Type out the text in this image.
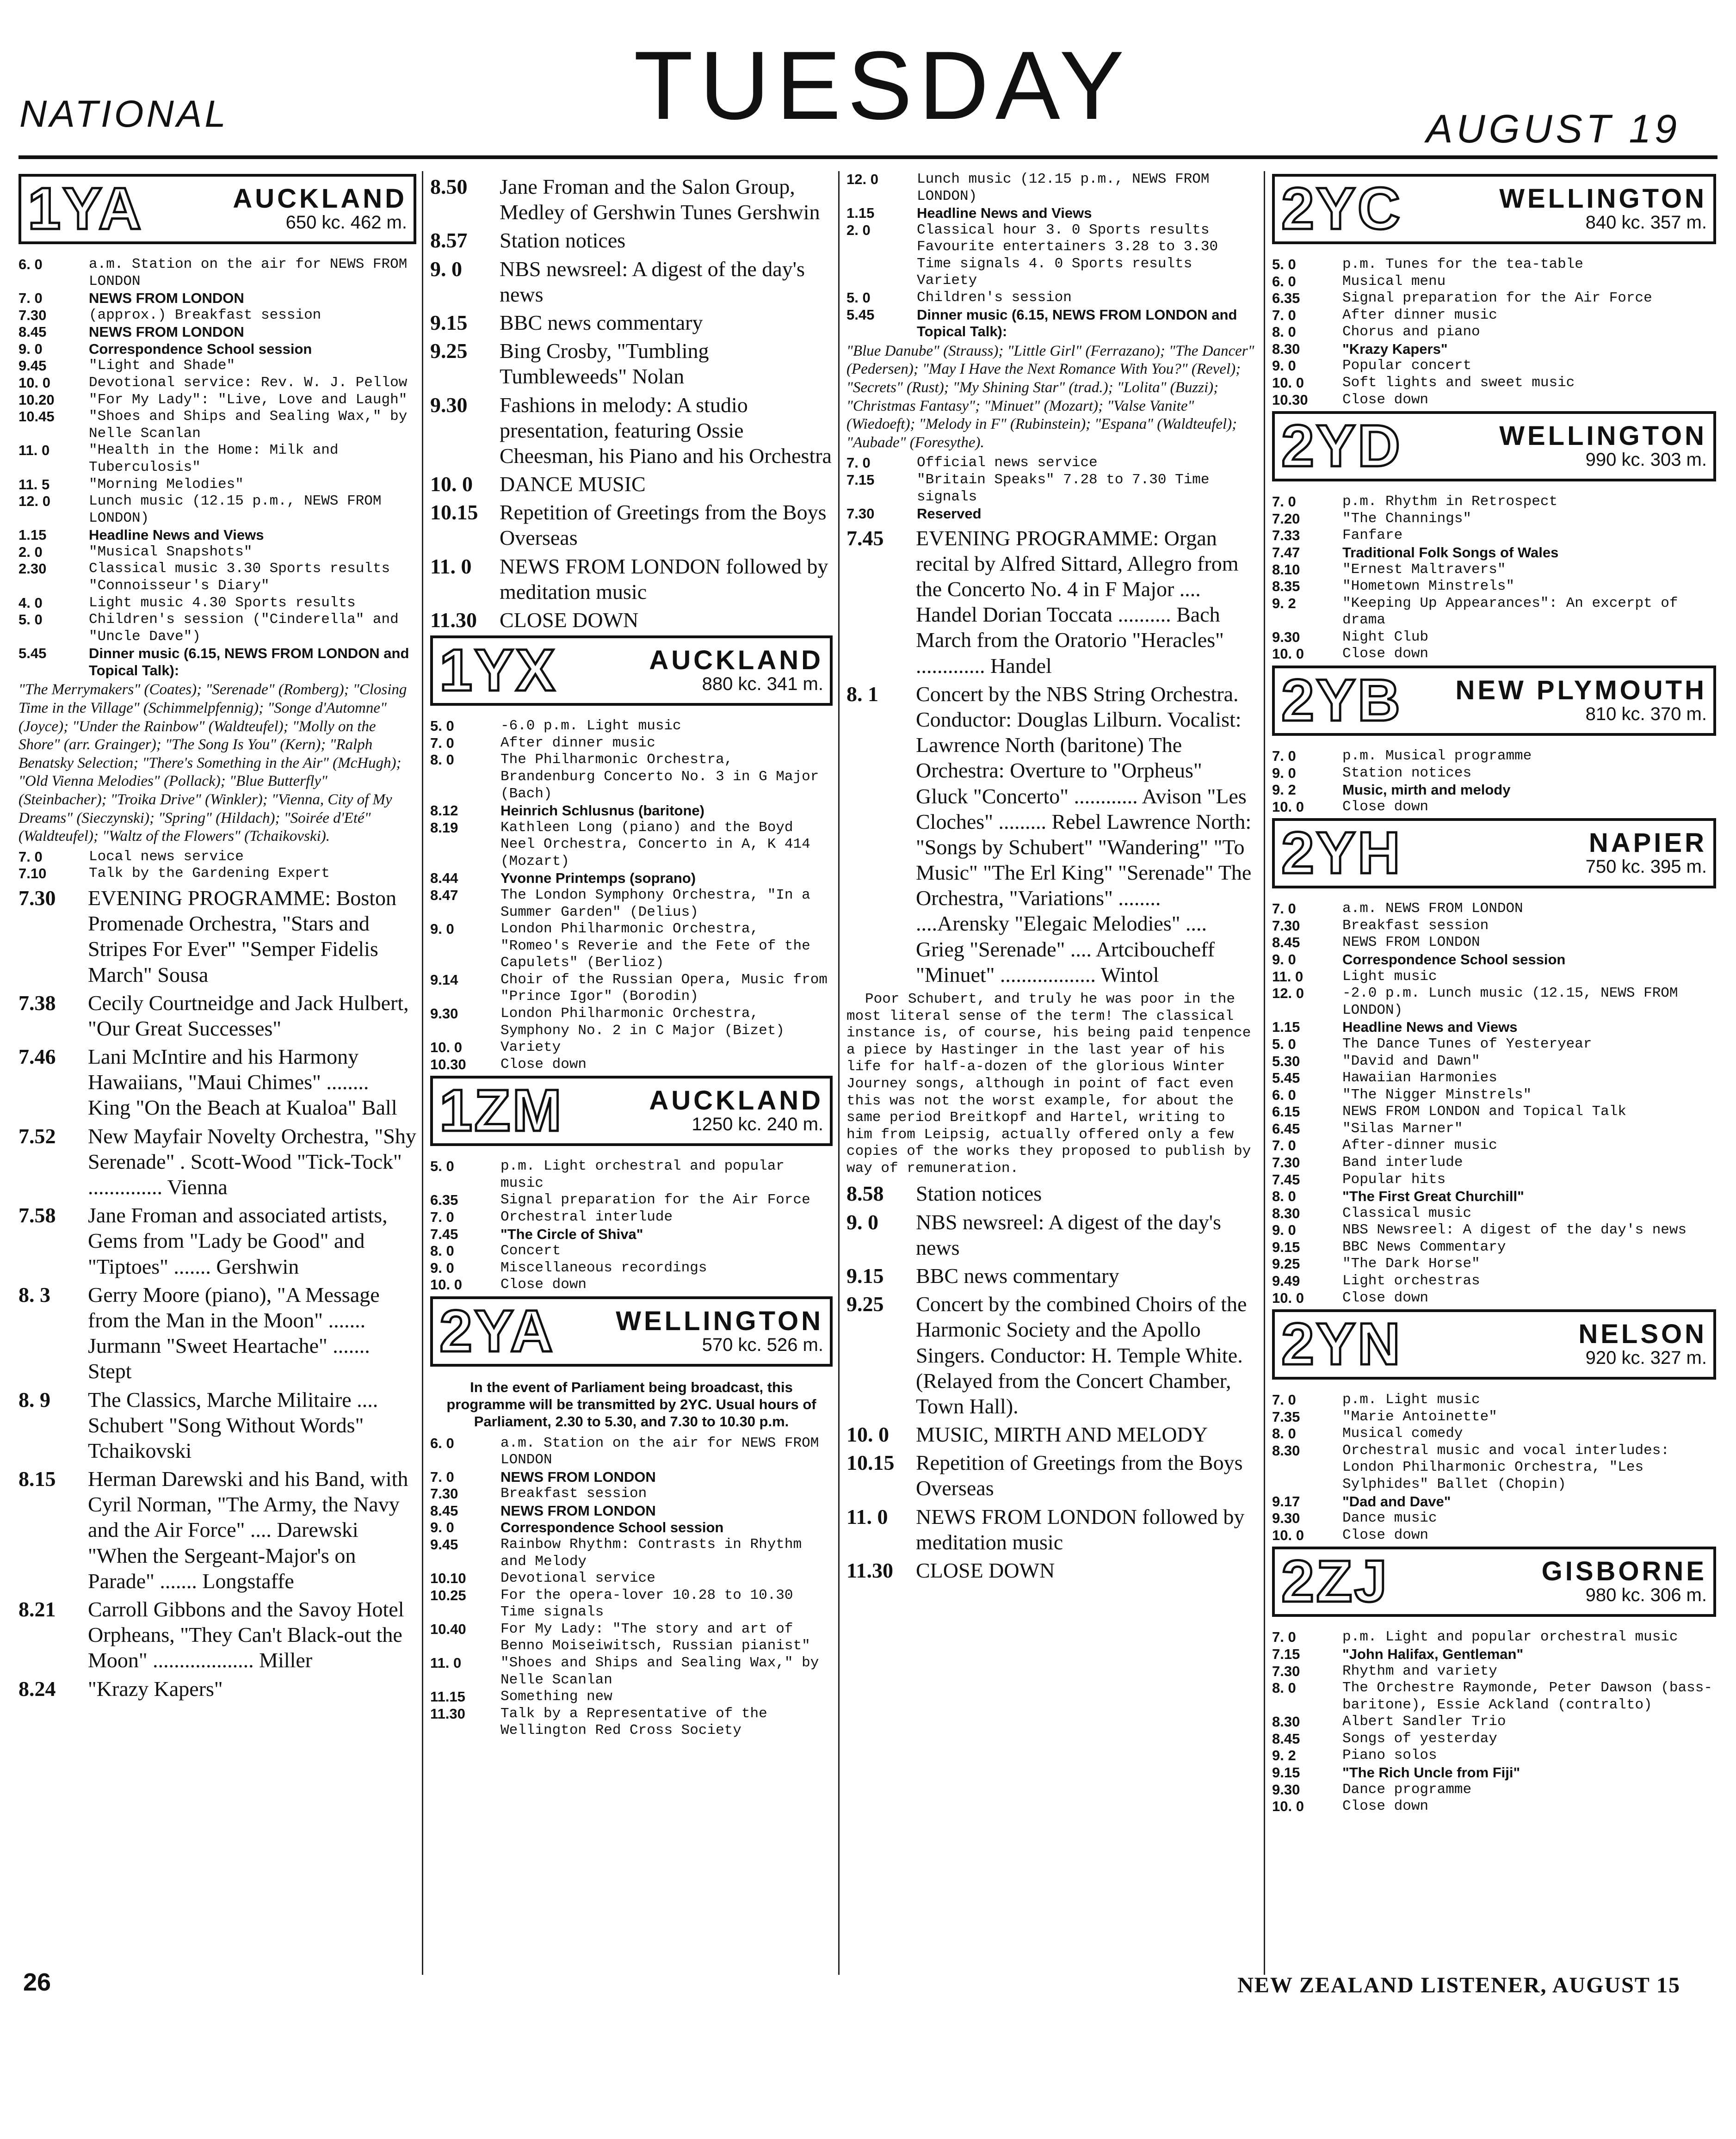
NATIONAL	TUESDAY	AUGUST 19
1YA	AUCKLAND
650 kc. 462 m.
6. 0	a.m. Station on the air for NEWS FROM LONDON
7. 0	NEWS FROM LONDON
7.30	(approx.) Breakfast session
8.45	NEWS FROM LONDON
9. 0	Correspondence School session
9.45	"Light and Shade"
10. 0	Devotional service: Rev. W. J. Pellow
10.20	"For My Lady": "Live, Love and Laugh"
10.45	"Shoes and Ships and Sealing Wax," by Nelle Scanlan
11. 0	"Health in the Home: Milk and Tuberculosis"
11. 5	"Morning Melodies"
12. 0	Lunch music (12.15 p.m., NEWS FROM LONDON)
1.15	Headline News and Views
2. 0	"Musical Snapshots"
2.30	Classical music 3.30 Sports results "Connoisseur's Diary"
4. 0	Light music 4.30 Sports results
5. 0	Children's session ("Cinderella" and "Uncle Dave")
5.45	Dinner music (6.15, NEWS FROM LONDON and Topical Talk):
"The Merrymakers" (Coates); "Serenade" (Romberg); "Closing Time in the Village" (Schimmelpfennig); "Songe d'Automne" (Joyce); "Under the Rainbow" (Waldteufel); "Molly on the Shore" (arr. Grainger); "The Song Is You" (Kern); "Ralph Benatsky Selection; "There's Something in the Air" (McHugh); "Old Vienna Melodies" (Pollack); "Blue Butterfly" (Steinbacher); "Troika Drive" (Winkler); "Vienna, City of My Dreams" (Sieczynski); "Spring" (Hildach); "Soirée d'Eté" (Waldteufel); "Waltz of the Flowers" (Tchaikovski).
7. 0	Local news service
7.10	Talk by the Gardening Expert
7.30	EVENING PROGRAMME: Boston Promenade Orchestra, "Stars and Stripes For Ever" "Semper Fidelis March" Sousa
7.38	Cecily Courtneidge and Jack Hulbert, "Our Great Successes"
7.46	Lani McIntire and his Harmony Hawaiians, "Maui Chimes" ........ King "On the Beach at Kualoa" Ball
7.52	New Mayfair Novelty Orchestra, "Shy Serenade" . Scott-Wood "Tick-Tock" .............. Vienna
7.58	Jane Froman and associated artists, Gems from "Lady be Good" and "Tiptoes" ....... Gershwin
8. 3	Gerry Moore (piano), "A Message from the Man in the Moon" ....... Jurmann "Sweet Heartache" ....... Stept
8. 9	The Classics, Marche Militaire .... Schubert "Song Without Words" Tchaikovski
8.15	Herman Darewski and his Band, with Cyril Norman, "The Army, the Navy and the Air Force" .... Darewski "When the Sergeant-Major's on Parade" ....... Longstaffe
8.21	Carroll Gibbons and the Savoy Hotel Orpheans, "They Can't Black-out the Moon" ................... Miller
8.24	"Krazy Kapers"
8.50	Jane Froman and the Salon Group, Medley of Gershwin Tunes Gershwin
8.57	Station notices
9. 0	NBS newsreel: A digest of the day's news
9.15	BBC news commentary
9.25	Bing Crosby, "Tumbling Tumbleweeds" Nolan
9.30	Fashions in melody: A studio presentation, featuring Ossie Cheesman, his Piano and his Orchestra
10. 0	DANCE MUSIC
10.15	Repetition of Greetings from the Boys Overseas
11. 0	NEWS FROM LONDON followed by meditation music
11.30	CLOSE DOWN
1YX	AUCKLAND
880 kc. 341 m.
5. 0	-6.0 p.m. Light music
7. 0	After dinner music
8. 0	The Philharmonic Orchestra, Brandenburg Concerto No. 3 in G Major (Bach)
8.12	Heinrich Schlusnus (baritone)
8.19	Kathleen Long (piano) and the Boyd Neel Orchestra, Concerto in A, K 414 (Mozart)
8.44	Yvonne Printemps (soprano)
8.47	The London Symphony Orchestra, "In a Summer Garden" (Delius)
9. 0	London Philharmonic Orchestra, "Romeo's Reverie and the Fete of the Capulets" (Berlioz)
9.14	Choir of the Russian Opera, Music from "Prince Igor" (Borodin)
9.30	London Philharmonic Orchestra, Symphony No. 2 in C Major (Bizet)
10. 0	Variety
10.30	Close down
1ZM	AUCKLAND
1250 kc. 240 m.
5. 0	p.m. Light orchestral and popular music
6.35	Signal preparation for the Air Force
7. 0	Orchestral interlude
7.45	"The Circle of Shiva"
8. 0	Concert
9. 0	Miscellaneous recordings
10. 0	Close down
2YA	WELLINGTON
570 kc. 526 m.
In the event of Parliament being broadcast, this programme will be transmitted by 2YC. Usual hours of Parliament, 2.30 to 5.30, and 7.30 to 10.30 p.m.
6. 0	a.m. Station on the air for NEWS FROM LONDON
7. 0	NEWS FROM LONDON
7.30	Breakfast session
8.45	NEWS FROM LONDON
9. 0	Correspondence School session
9.45	Rainbow Rhythm: Contrasts in Rhythm and Melody
10.10	Devotional service
10.25	For the opera-lover 10.28 to 10.30 Time signals
10.40	For My Lady: "The story and art of Benno Moiseiwitsch, Russian pianist"
11. 0	"Shoes and Ships and Sealing Wax," by Nelle Scanlan
11.15	Something new
11.30	Talk by a Representative of the Wellington Red Cross Society
12. 0	Lunch music (12.15 p.m., NEWS FROM LONDON)
1.15	Headline News and Views
2. 0	Classical hour 3. 0 Sports results Favourite entertainers 3.28 to 3.30 Time signals 4. 0 Sports results Variety
5. 0	Children's session
5.45	Dinner music (6.15, NEWS FROM LONDON and Topical Talk):
"Blue Danube" (Strauss); "Little Girl" (Ferrazano); "The Dancer" (Pedersen); "May I Have the Next Romance With You?" (Revel); "Secrets" (Rust); "My Shining Star" (trad.); "Lolita" (Buzzi); "Christmas Fantasy"; "Minuet" (Mozart); "Valse Vanite" (Wiedoeft); "Melody in F" (Rubinstein); "Espana" (Waldteufel); "Aubade" (Foresythe).
7. 0	Official news service
7.15	"Britain Speaks" 7.28 to 7.30 Time signals
7.30	Reserved
7.45	EVENING PROGRAMME: Organ recital by Alfred Sittard, Allegro from the Concerto No. 4 in F Major .... Handel Dorian Toccata .......... Bach March from the Oratorio "Heracles" ............. Handel
8. 1	Concert by the NBS String Orchestra. Conductor: Douglas Lilburn. Vocalist: Lawrence North (baritone) The Orchestra: Overture to "Orpheus" Gluck "Concerto" ............ Avison "Les Cloches" ......... Rebel Lawrence North: "Songs by Schubert" "Wandering" "To Music" "The Erl King" "Serenade" The Orchestra, "Variations" ........ ....Arensky "Elegaic Melodies" .... Grieg "Serenade" .... Artciboucheff "Minuet" .................. Wintol
Poor Schubert, and truly he was poor in the most literal sense of the term! The classical instance is, of course, his being paid tenpence a piece by Hastinger in the last year of his life for half-a-dozen of the glorious Winter Journey songs, although in point of fact even this was not the worst example, for about the same period Breitkopf and Hartel, writing to him from Leipsig, actually offered only a few copies of the works they proposed to publish by way of remuneration.
8.58	Station notices
9. 0	NBS newsreel: A digest of the day's news
9.15	BBC news commentary
9.25	Concert by the combined Choirs of the Harmonic Society and the Apollo Singers. Conductor: H. Temple White. (Relayed from the Concert Chamber, Town Hall).
10. 0	MUSIC, MIRTH AND MELODY
10.15	Repetition of Greetings from the Boys Overseas
11. 0	NEWS FROM LONDON followed by meditation music
11.30	CLOSE DOWN
2YC	WELLINGTON
840 kc. 357 m.
5. 0	p.m. Tunes for the tea-table
6. 0	Musical menu
6.35	Signal preparation for the Air Force
7. 0	After dinner music
8. 0	Chorus and piano
8.30	"Krazy Kapers"
9. 0	Popular concert
10. 0	Soft lights and sweet music
10.30	Close down
2YD	WELLINGTON
990 kc. 303 m.
7. 0	p.m. Rhythm in Retrospect
7.20	"The Channings"
7.33	Fanfare
7.47	Traditional Folk Songs of Wales
8.10	"Ernest Maltravers"
8.35	"Hometown Minstrels"
9. 2	"Keeping Up Appearances": An excerpt of drama
9.30	Night Club
10. 0	Close down
2YB	NEW PLYMOUTH
810 kc. 370 m.
7. 0	p.m. Musical programme
9. 0	Station notices
9. 2	Music, mirth and melody
10. 0	Close down
2YH	NAPIER
750 kc. 395 m.
7. 0	a.m. NEWS FROM LONDON
7.30	Breakfast session
8.45	NEWS FROM LONDON
9. 0	Correspondence School session
11. 0	Light music
12. 0	-2.0 p.m. Lunch music (12.15, NEWS FROM LONDON)
1.15	Headline News and Views
5. 0	The Dance Tunes of Yesteryear
5.30	"David and Dawn"
5.45	Hawaiian Harmonies
6. 0	"The Nigger Minstrels"
6.15	NEWS FROM LONDON and Topical Talk
6.45	"Silas Marner"
7. 0	After-dinner music
7.30	Band interlude
7.45	Popular hits
8. 0	"The First Great Churchill"
8.30	Classical music
9. 0	NBS Newsreel: A digest of the day's news
9.15	BBC News Commentary
9.25	"The Dark Horse"
9.49	Light orchestras
10. 0	Close down
2YN	NELSON
920 kc. 327 m.
7. 0	p.m. Light music
7.35	"Marie Antoinette"
8. 0	Musical comedy
8.30	Orchestral music and vocal interludes: London Philharmonic Orchestra, "Les Sylphides" Ballet (Chopin)
9.17	"Dad and Dave"
9.30	Dance music
10. 0	Close down
2ZJ	GISBORNE
980 kc. 306 m.
7. 0	p.m. Light and popular orchestral music
7.15	"John Halifax, Gentleman"
7.30	Rhythm and variety
8. 0	The Orchestre Raymonde, Peter Dawson (bass-baritone), Essie Ackland (contralto)
8.30	Albert Sandler Trio
8.45	Songs of yesterday
9. 2	Piano solos
9.15	"The Rich Uncle from Fiji"
9.30	Dance programme
10. 0	Close down
26	NEW ZEALAND LISTENER, AUGUST 15
